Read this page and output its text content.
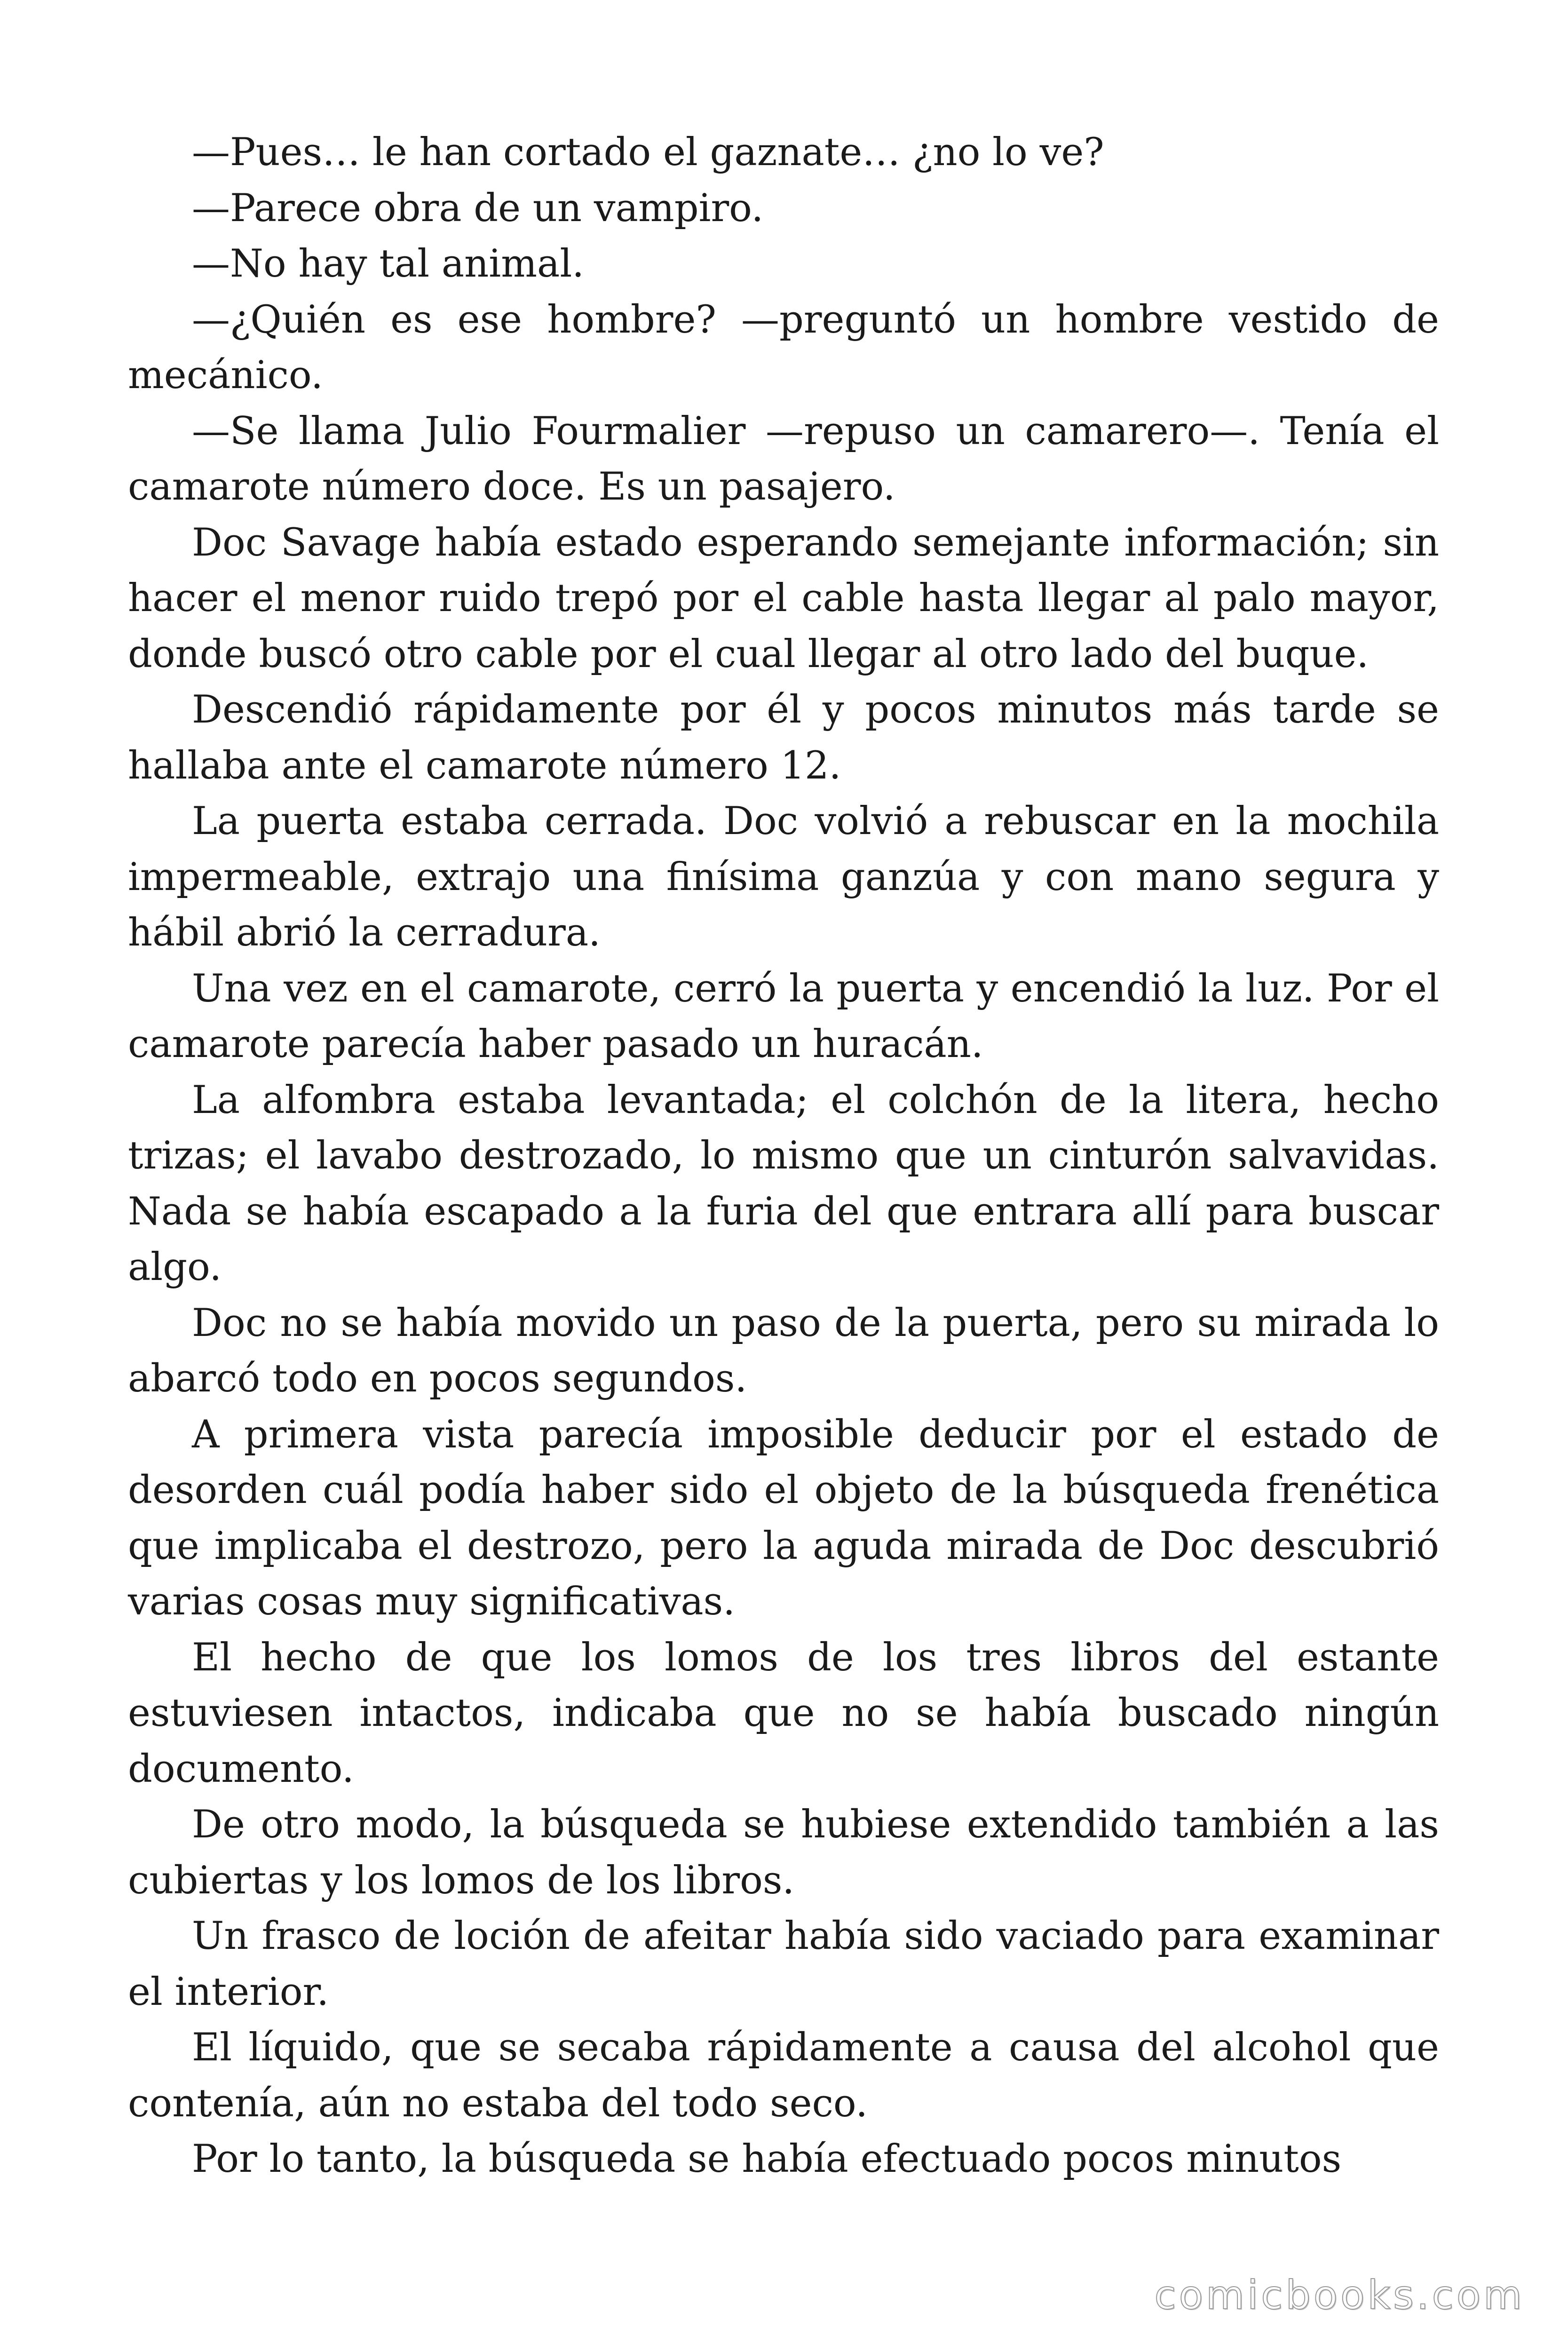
—Pues… le han cortado el gaznate… ¿no lo ve?

—Parece obra de un vampiro.

—No hay tal animal.

—¿Quién es ese hombre? —preguntó un hombre vestido de mecánico.

—Se llama Julio Fourmalier —repuso un camarero—. Tenía el camarote número doce. Es un pasajero.

Doc Savage había estado esperando semejante información; sin hacer el menor ruido trepó por el cable hasta llegar al palo mayor, donde buscó otro cable por el cual llegar al otro lado del buque.

Descendió rápidamente por él y pocos minutos más tarde se hallaba ante el camarote número 12.

La puerta estaba cerrada. Doc volvió a rebuscar en la mochila impermeable, extrajo una finísima ganzúa y con mano segura y hábil abrió la cerradura.

Una vez en el camarote, cerró la puerta y encendió la luz. Por el camarote parecía haber pasado un huracán.

La alfombra estaba levantada; el colchón de la litera, hecho trizas; el lavabo destrozado, lo mismo que un cinturón salvavidas. Nada se había escapado a la furia del que entrara allí para buscar algo.

Doc no se había movido un paso de la puerta, pero su mirada lo abarcó todo en pocos segundos.

A primera vista parecía imposible deducir por el estado de desorden cuál podía haber sido el objeto de la búsqueda frenética que implicaba el destrozo, pero la aguda mirada de Doc descubrió varias cosas muy significativas.

El hecho de que los lomos de los tres libros del estante estuviesen intactos, indicaba que no se había buscado ningún documento.

De otro modo, la búsqueda se hubiese extendido también a las cubiertas y los lomos de los libros.

Un frasco de loción de afeitar había sido vaciado para examinar el interior.

El líquido, que se secaba rápidamente a causa del alcohol que contenía, aún no estaba del todo seco.

Por lo tanto, la búsqueda se había efectuado pocos minutos

comicbooks.com
